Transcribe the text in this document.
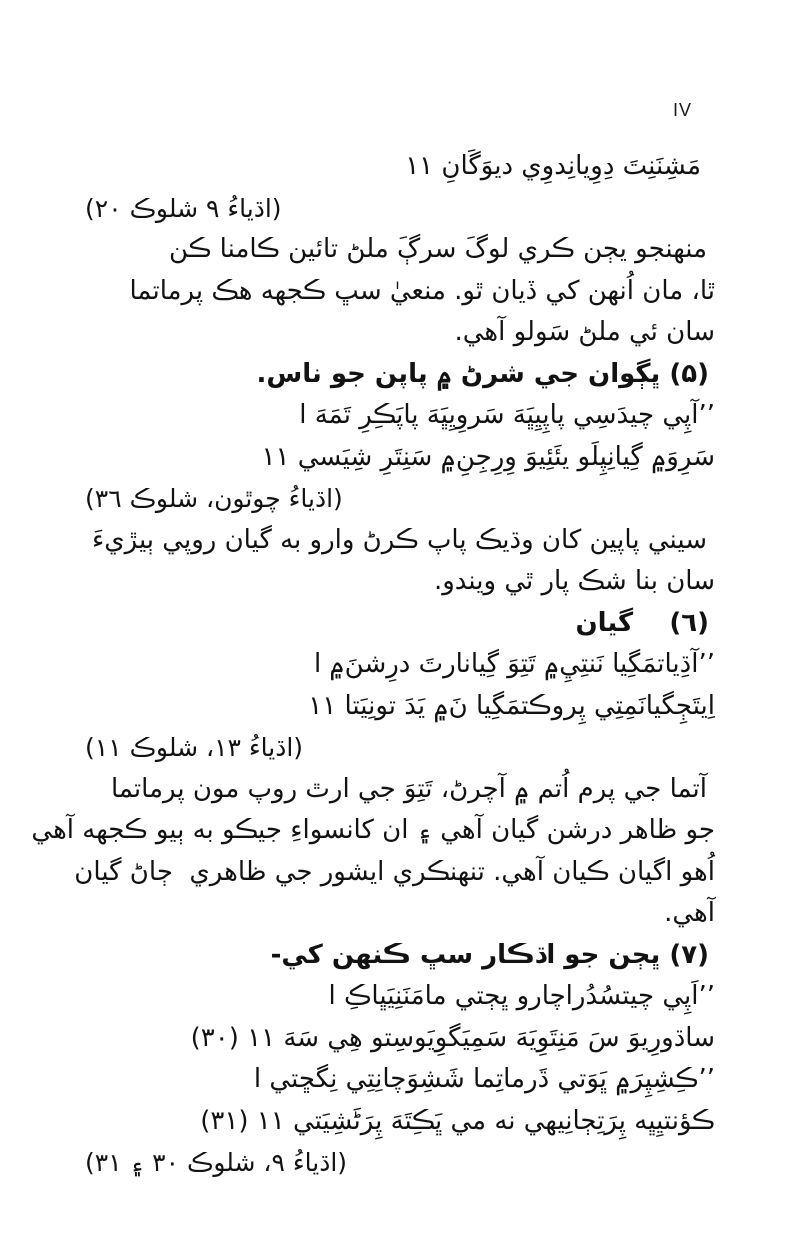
IV
مَشِنَنِتَ دِوِيانِدوِي ديوَگَانِ ١١
(اڌياءُ ٩ شلوڪ ٢٠)
منهنجو يڄن ڪري لوگَ سرڳَ ملڻ تائين ڪامنا ڪن
ٿا، مان اُنهن کي ڏيان ٿو. منعيٰ سڀ ڪجهه هڪ پرماتما
سان ئي ملڻ سَولو آهي.
(۵) ڀڳوان جي شرڻ ۾ پاپن جو ناس.
’’آپِي چيدَسِي پاپِيِڀَهَ سَروِيِڀَهَ پاپَڪِرِ تَمَهَ ا
سَرِوَ۾ گِيانِپِلَو يئَئِيوَ وِرِجِنِ۾ سَنِتَرِ شِيَسي ١١
(اڌياءُ چوٿون، شلوڪ ٣٦)
سيني پاپين کان وڌيڪ پاپ ڪرڻ وارو به گيان روپي ٻيڙيءَ
سان بنا شڪ پار ٿي ويندو.
(٦)    گيان
’’آڌِياتمَگِيا نَنتِيِ۾ تَتِوَ گِيانارتَ درِشنَ۾ ا
اِيتَڄِگيانَمِتِي پِروڪتمَگِيا نَ۾ يَدَ تونِيَتا ١١
(اڌياءُ ١٣، شلوڪ ١١)
آتما جي پرم اُتم ۾ آچرڻ، تَتِوَ جي ارٿ روپ مون پرماتما
جو ظاهر درشن گيان آهي ۽ ان کانسواءِ جيڪو به ٻيو ڪجهه آهي
اُهو اگيان ڪيان آهي. تنهنڪري ايشور جي ظاهري  ڄاڻ گيان
آهي.
(٧) ڀڄن جو اڌڪار سڀ ڪنهن کي-
’’اَپِي چيتسُدُراچارو ڀڄتي مامَنَنِيَڀاڪِ ا
ساڌورِيوَ سَ مَنِتَوِيَهَ سَمِيَگوِيَوسِتو هِي سَهَ ١١ (٣٠)
’’ڪِشِپِرَ۾ ڀَوَتي ڌَرماتِما شَشِوَچانِتِي نِگڇتي ا
ڪؤنتيِڀه پِرَتِڄانِيهي نه مي ڀَڪِتَهَ پِرَڻَشِيَتي ١١ (٣١)
(اڌياءُ ٩، شلوڪ ٣٠ ۽ ٣١)
